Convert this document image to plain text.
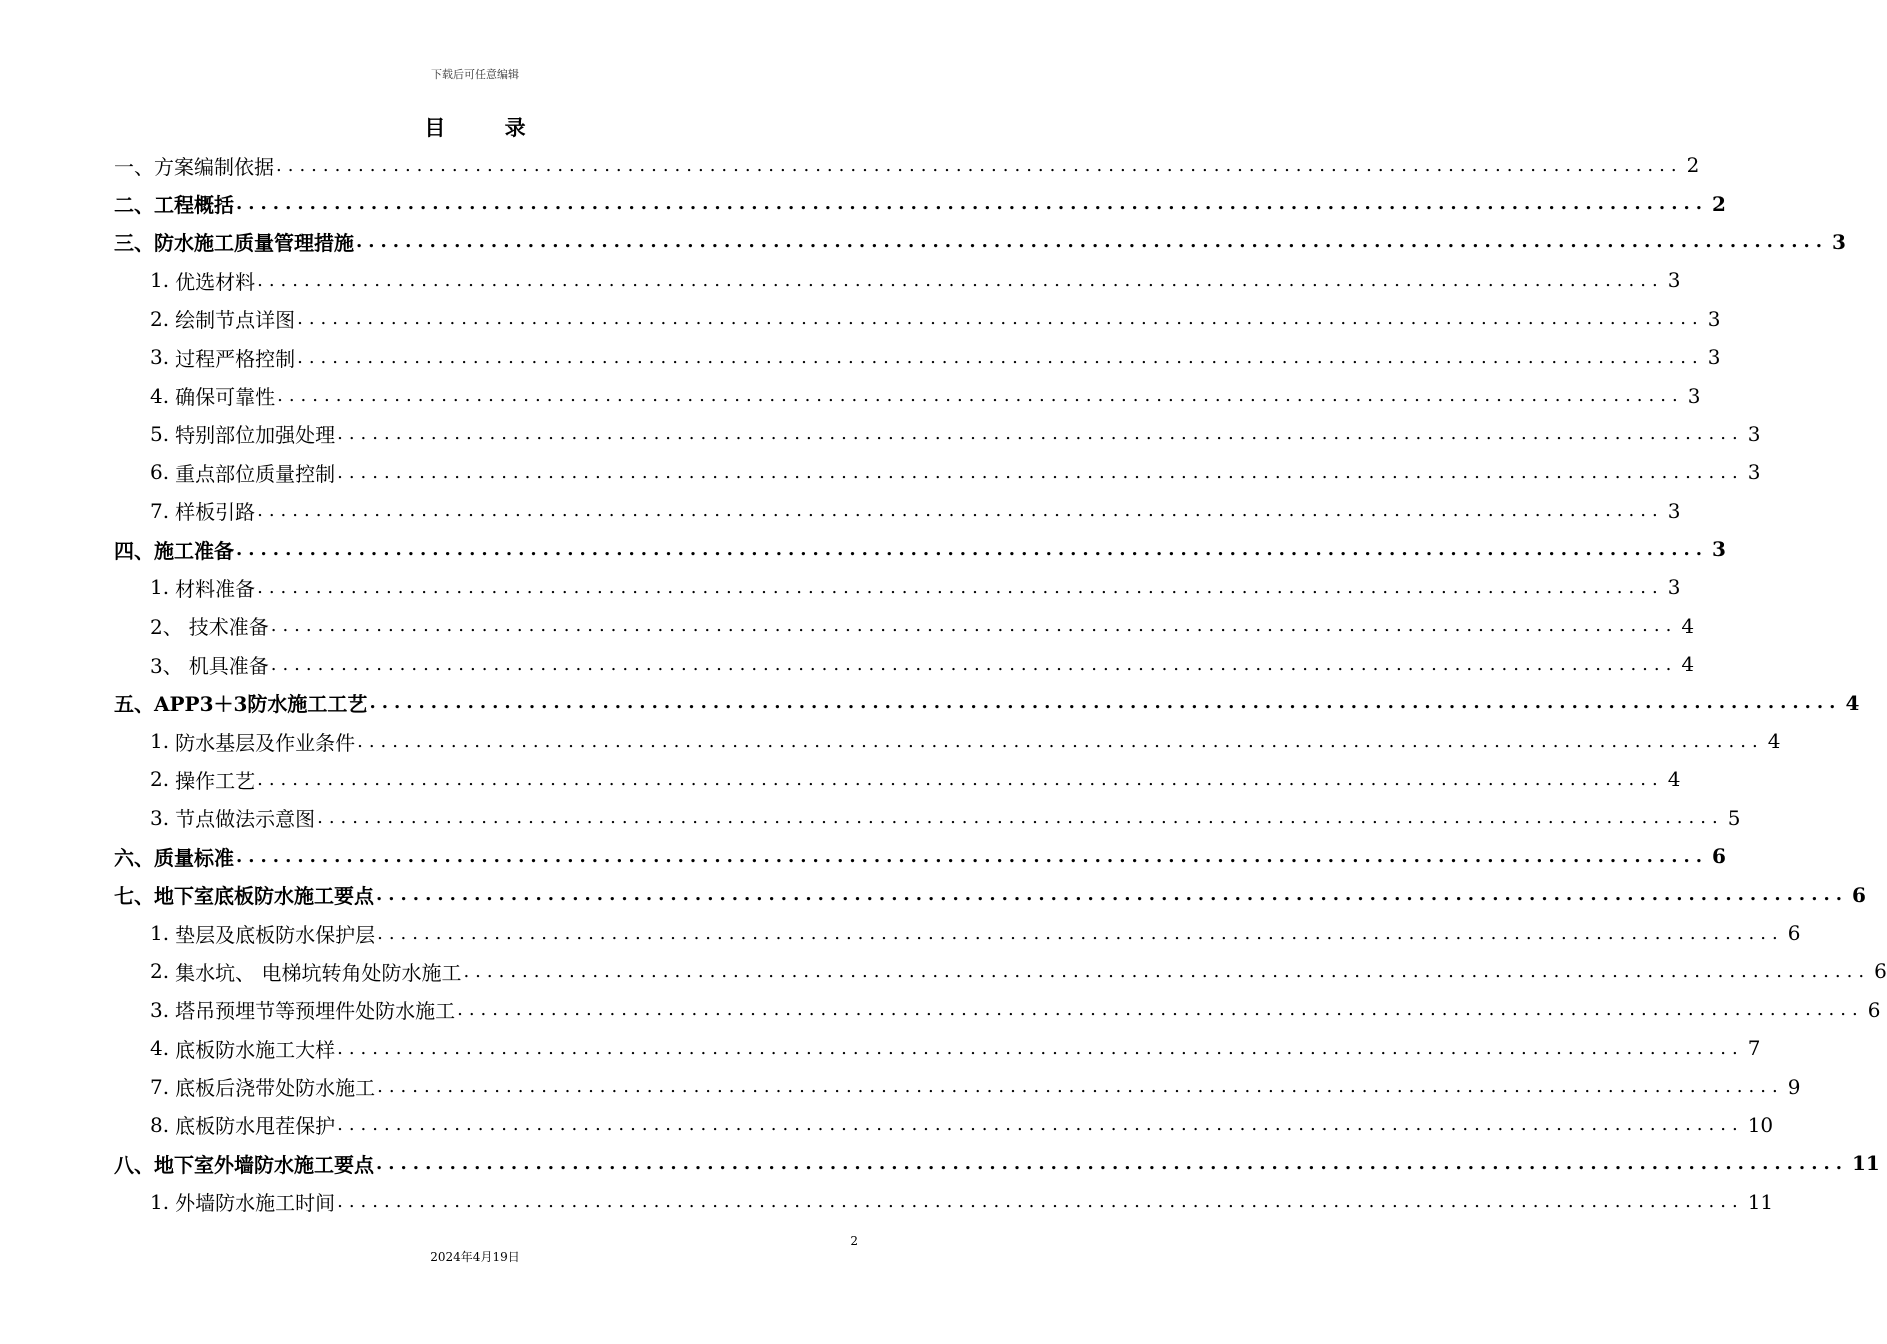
下载后可任意编辑
目 录
一、 方案编制依据 ........................................................................................................................ 2
二、 工程概括 ........................................................................................................................ 2
三、 防水施工质量管理措施 ........................................................................................................................ 3
1. 优选材料 ........................................................................................................................ 3
2. 绘制节点详图 ........................................................................................................................ 3
3. 过程严格控制 ........................................................................................................................ 3
4. 确保可靠性 ........................................................................................................................ 3
5. 特别部位加强处理 ........................................................................................................................ 3
6. 重点部位质量控制 ........................................................................................................................ 3
7. 样板引路 ........................................................................................................................ 3
四、 施工准备 ........................................................................................................................ 3
1. 材料准备 ........................................................................................................................ 3
2、 技术准备 ........................................................................................................................ 4
3、 机具准备 ........................................................................................................................ 4
五、 APP3＋3防水施工工艺 ........................................................................................................................ 4
1. 防水基层及作业条件 ........................................................................................................................ 4
2. 操作工艺 ........................................................................................................................ 4
3. 节点做法示意图 ........................................................................................................................ 5
六、 质量标准 ........................................................................................................................ 6
七、 地下室底板防水施工要点 ........................................................................................................................ 6
1. 垫层及底板防水保护层 ........................................................................................................................ 6
2. 集水坑、 电梯坑转角处防水施工 ........................................................................................................................ 6
3. 塔吊预埋节等预埋件处防水施工 ........................................................................................................................ 6
4. 底板防水施工大样 ........................................................................................................................ 7
7. 底板后浇带处防水施工 ........................................................................................................................ 9
8. 底板防水甩茬保护 ........................................................................................................................ 10
八、 地下室外墙防水施工要点 ........................................................................................................................ 11
1. 外墙防水施工时间 ........................................................................................................................ 11
2
2024年4月19日
